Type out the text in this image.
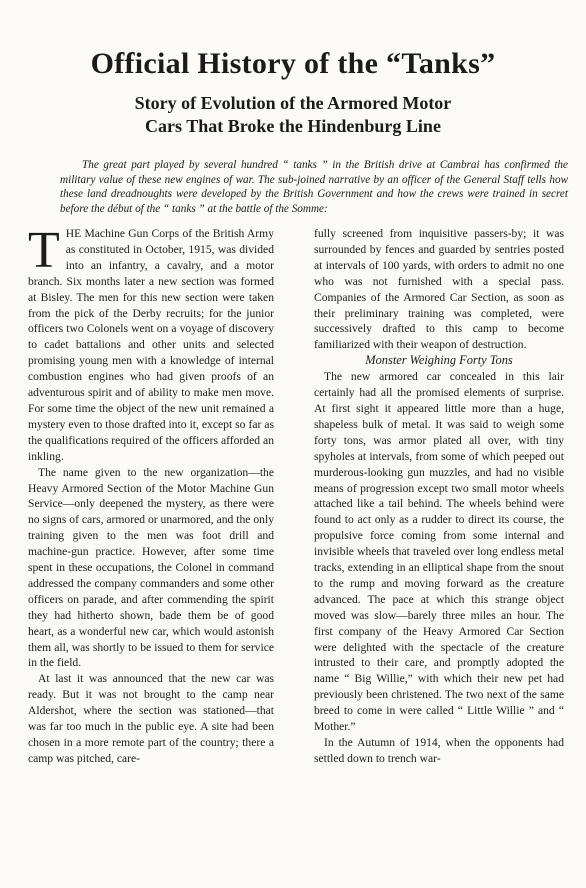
Official History of the “Tanks”
Story of Evolution of the Armored Motor
Cars That Broke the Hindenburg Line

The great part played by several hundred “ tanks ” in the British drive at Cambrai has confirmed the military value of these new engines of war. The sub-joined narrative by an officer of the General Staff tells how these land dreadnoughts were developed by the British Government and how the crews were trained in secret before the début of the “ tanks ” at the battle of the Somme:

THE Machine Gun Corps of the British Army as constituted in October, 1915, was divided into an infantry, a cavalry, and a motor branch. Six months later a new section was formed at Bisley. The men for this new section were taken from the pick of the Derby recruits; for the junior officers two Colonels went on a voyage of discovery to cadet battalions and other units and selected promising young men with a knowledge of internal combustion engines who had given proofs of an adventurous spirit and of ability to make men move. For some time the object of the new unit remained a mystery even to those drafted into it, except so far as the qualifications required of the officers afforded an inkling.

The name given to the new organization—the Heavy Armored Section of the Motor Machine Gun Service—only deepened the mystery, as there were no signs of cars, armored or unarmored, and the only training given to the men was foot drill and machine-gun practice. However, after some time spent in these occupations, the Colonel in command addressed the company commanders and some other officers on parade, and after commending the spirit they had hitherto shown, bade them be of good heart, as a wonderful new car, which would astonish them all, was shortly to be issued to them for service in the field.

At last it was announced that the new car was ready. But it was not brought to the camp near Aldershot, where the section was stationed—that was far too much in the public eye. A site had been chosen in a more remote part of the country; there a camp was pitched, care-

fully screened from inquisitive passers-by; it was surrounded by fences and guarded by sentries posted at intervals of 100 yards, with orders to admit no one who was not furnished with a special pass. Companies of the Armored Car Section, as soon as their preliminary training was completed, were successively drafted to this camp to become familiarized with their weapon of destruction.

Monster Weighing Forty Tons

The new armored car concealed in this lair certainly had all the promised elements of surprise. At first sight it appeared little more than a huge, shapeless bulk of metal. It was said to weigh some forty tons, was armor plated all over, with tiny spyholes at intervals, from some of which peeped out murderous-looking gun muzzles, and had no visible means of progression except two small motor wheels attached like a tail behind. The wheels behind were found to act only as a rudder to direct its course, the propulsive force coming from some internal and invisible wheels that traveled over long endless metal tracks, extending in an elliptical shape from the snout to the rump and moving forward as the creature advanced. The pace at which this strange object moved was slow—barely three miles an hour. The first company of the Heavy Armored Car Section were delighted with the spectacle of the creature intrusted to their care, and promptly adopted the name “ Big Willie,” with which their new pet had previously been christened. The two next of the same breed to come in were called “ Little Willie ” and “ Mother.”

In the Autumn of 1914, when the opponents had settled down to trench war-
